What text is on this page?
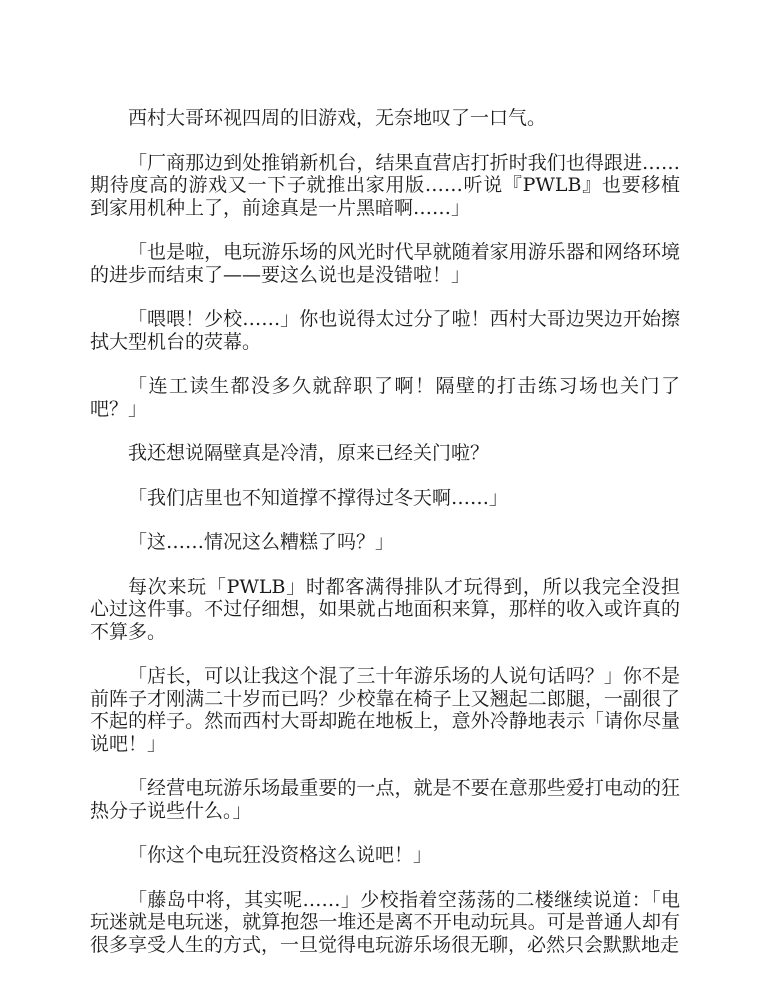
西村大哥环视四周的旧游戏，无奈地叹了一口气。

「厂商那边到处推销新机台，结果直营店打折时我们也得跟进……期待度高的游戏又一下子就推出家用版……听说『PWLB』也要移植到家用机种上了，前途真是一片黑暗啊……」

「也是啦，电玩游乐场的风光时代早就随着家用游乐器和网络环境的进步而结束了——要这么说也是没错啦！」

「喂喂！少校……」你也说得太过分了啦！西村大哥边哭边开始擦拭大型机台的荧幕。

「连工读生都没多久就辞职了啊！隔壁的打击练习场也关门了吧？」

我还想说隔壁真是冷清，原来已经关门啦？

「我们店里也不知道撑不撑得过冬天啊……」

「这……情况这么糟糕了吗？」

每次来玩「PWLB」时都客满得排队才玩得到，所以我完全没担心过这件事。不过仔细想，如果就占地面积来算，那样的收入或许真的不算多。

「店长，可以让我这个混了三十年游乐场的人说句话吗？」你不是前阵子才刚满二十岁而已吗？少校靠在椅子上又翘起二郎腿，一副很了不起的样子。然而西村大哥却跪在地板上，意外冷静地表示「请你尽量说吧！」

「经营电玩游乐场最重要的一点，就是不要在意那些爱打电动的狂热分子说些什么。」

「你这个电玩狂没资格这么说吧！」

「藤岛中将，其实呢……」少校指着空荡荡的二楼继续说道：「电玩迷就是电玩迷，就算抱怨一堆还是离不开电动玩具。可是普通人却有很多享受人生的方式，一旦觉得电玩游乐场很无聊，必然只会默默地走
